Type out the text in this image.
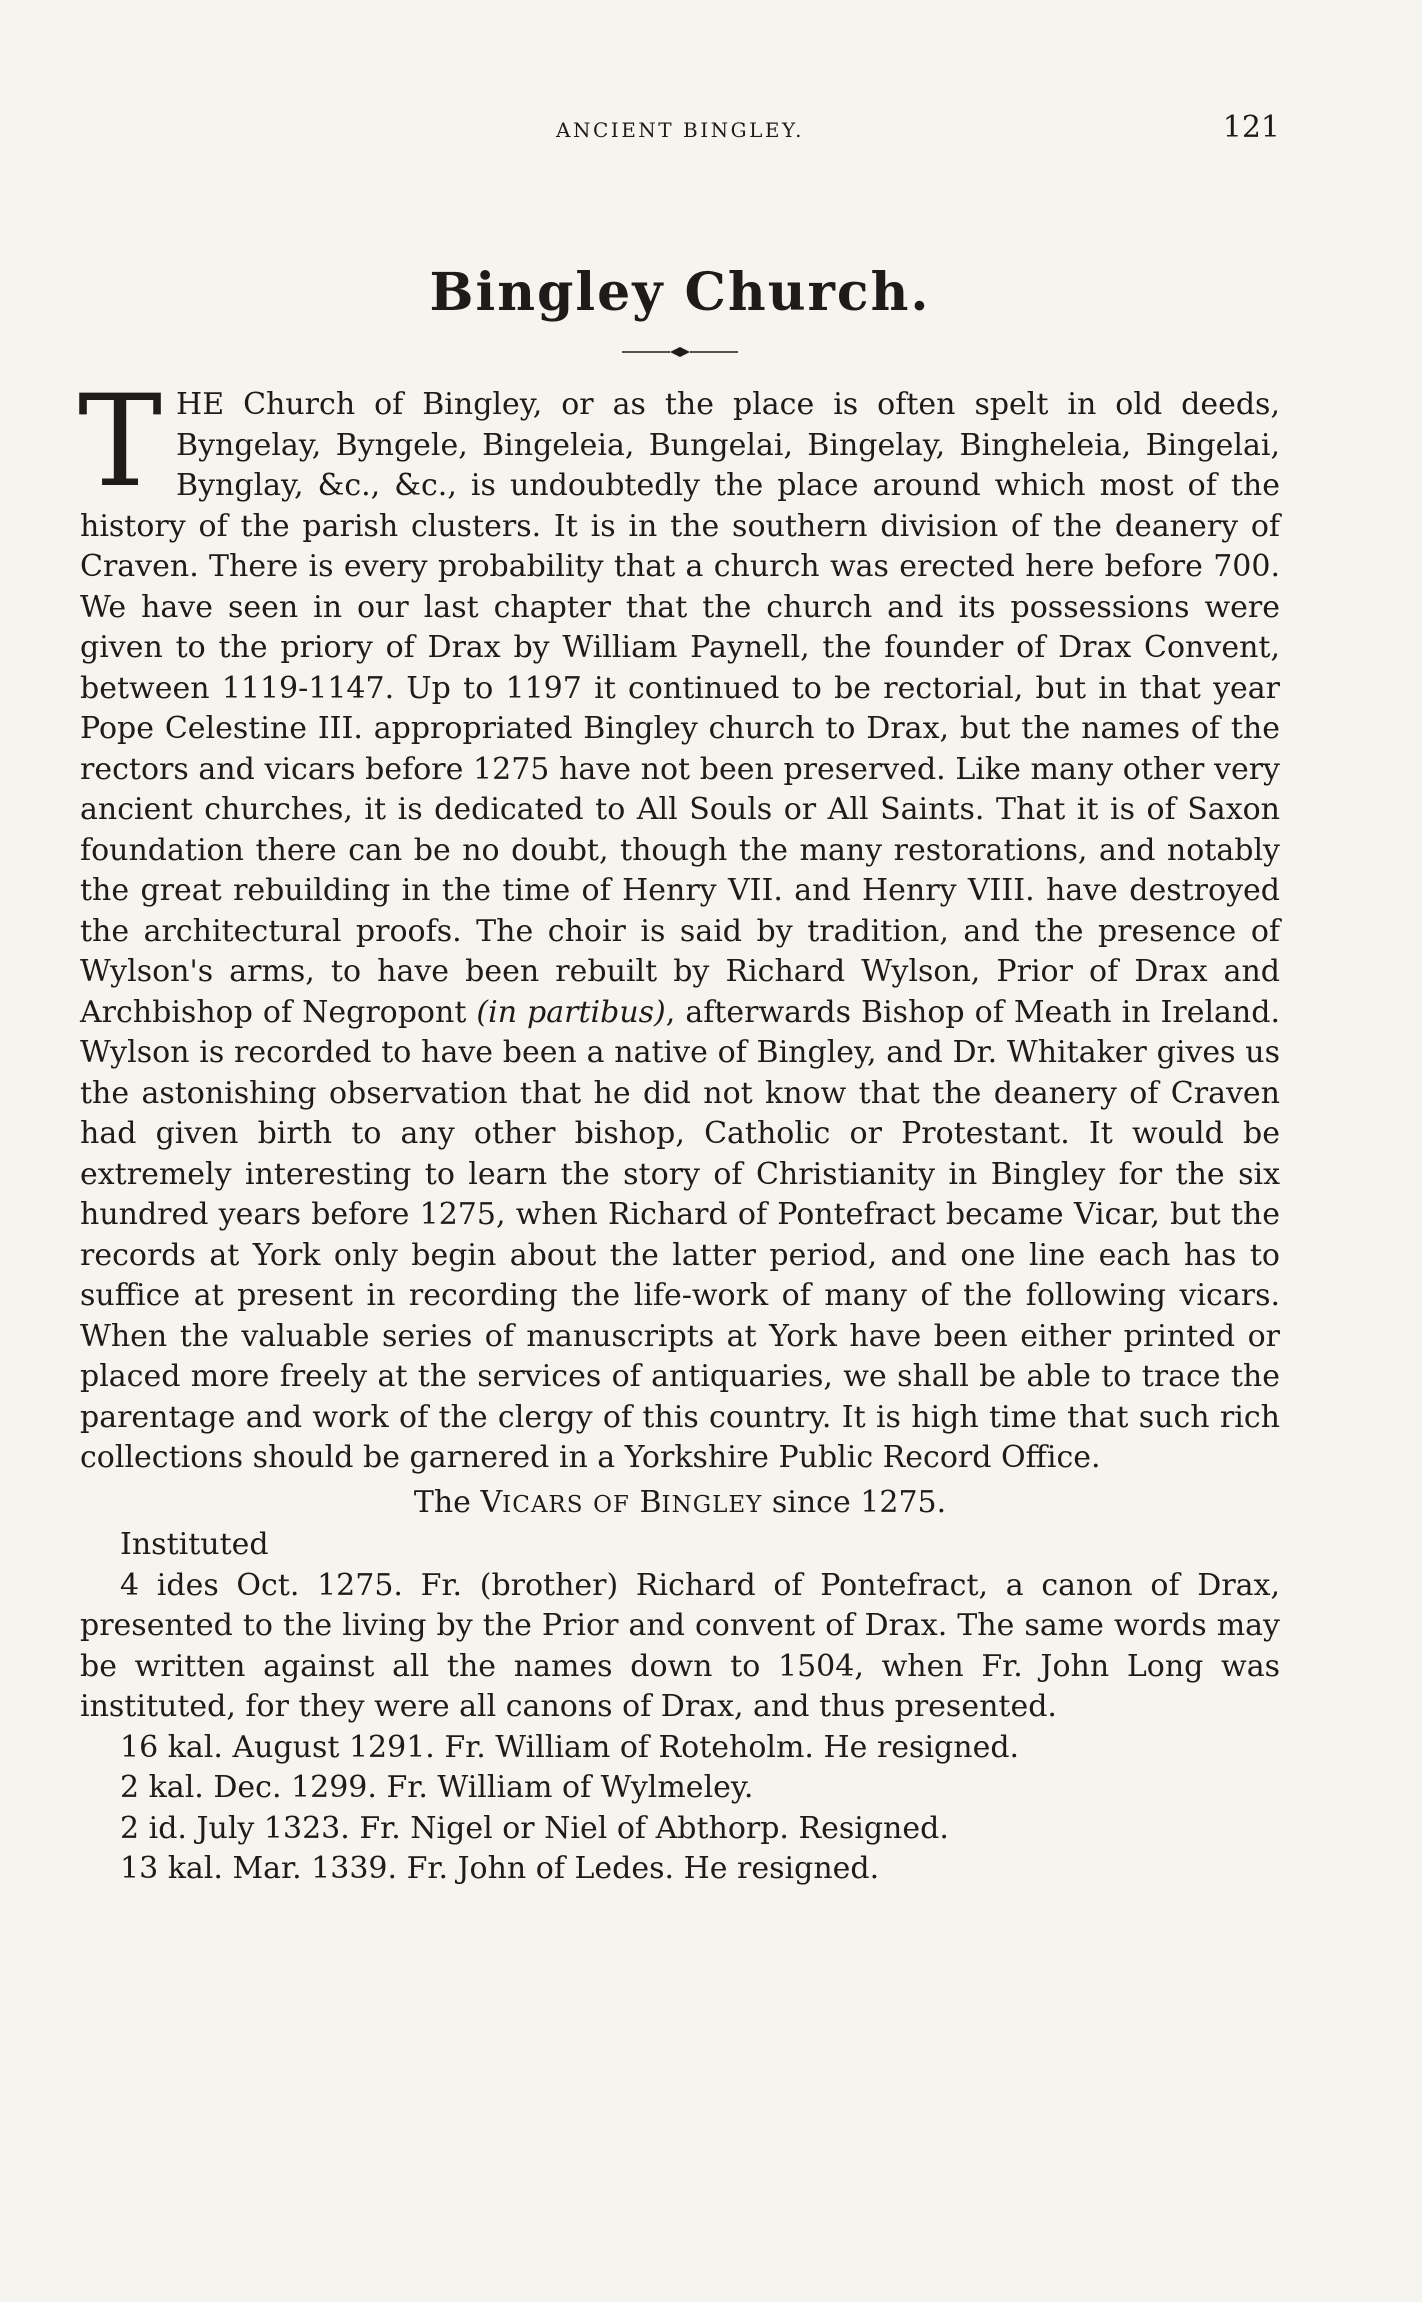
ANCIENT BINGLEY.	121
Bingley Church.

THE Church of Bingley, or as the place is often spelt in old deeds, Byngelay, Byngele, Bingeleia, Bungelai, Bingelay, Bingheleia, Bingelai, Bynglay, &c., &c., is undoubtedly the place around which most of the history of the parish clusters. It is in the southern division of the deanery of Craven. There is every probability that a church was erected here before 700. We have seen in our last chapter that the church and its possessions were given to the priory of Drax by William Paynell, the founder of Drax Convent, between 1119-1147. Up to 1197 it continued to be rectorial, but in that year Pope Celestine III. appropriated Bingley church to Drax, but the names of the rectors and vicars before 1275 have not been preserved. Like many other very ancient churches, it is dedicated to All Souls or All Saints. That it is of Saxon foundation there can be no doubt, though the many restorations, and notably the great rebuilding in the time of Henry VII. and Henry VIII. have destroyed the architectural proofs. The choir is said by tradition, and the presence of Wylson's arms, to have been rebuilt by Richard Wylson, Prior of Drax and Archbishop of Negropont (in partibus), afterwards Bishop of Meath in Ireland. Wylson is recorded to have been a native of Bingley, and Dr. Whitaker gives us the astonishing observation that he did not know that the deanery of Craven had given birth to any other bishop, Catholic or Protestant. It would be extremely interesting to learn the story of Christianity in Bingley for the six hundred years before 1275, when Richard of Pontefract became Vicar, but the records at York only begin about the latter period, and one line each has to suffice at present in recording the life-work of many of the following vicars. When the valuable series of manuscripts at York have been either printed or placed more freely at the services of antiquaries, we shall be able to trace the parentage and work of the clergy of this country. It is high time that such rich collections should be garnered in a Yorkshire Public Record Office.

The VICARS OF BINGLEY since 1275.

Instituted

4 ides Oct. 1275. Fr. (brother) Richard of Pontefract, a canon of Drax, presented to the living by the Prior and convent of Drax. The same words may be written against all the names down to 1504, when Fr. John Long was instituted, for they were all canons of Drax, and thus presented.

16 kal. August 1291. Fr. William of Roteholm. He resigned.

2 kal. Dec. 1299. Fr. William of Wylmeley.

2 id. July 1323. Fr. Nigel or Niel of Abthorp. Resigned.

13 kal. Mar. 1339. Fr. John of Ledes. He resigned.
